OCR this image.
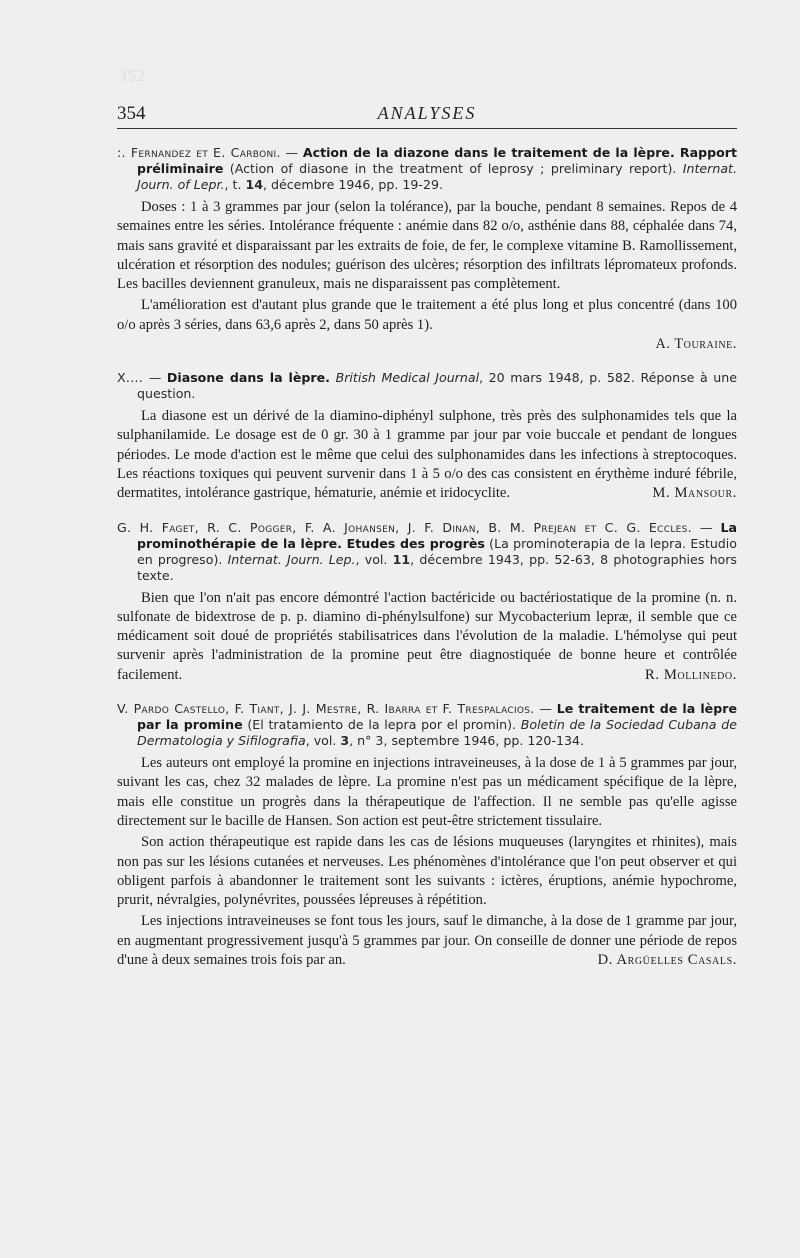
352
354	ANALYSES
:. Fernandez et E. Carboni. — Action de la diazone dans le traitement de la lèpre. Rapport préliminaire (Action of diasone in the treatment of leprosy ; preliminary report). Internat. Journ. of Lepr., t. 14, décembre 1946, pp. 19-29.

Doses : 1 à 3 grammes par jour (selon la tolérance), par la bouche, pendant 8 semaines. Repos de 4 semaines entre les séries. Intolérance fréquente : anémie dans 82 o/o, asthénie dans 88, céphalée dans 74, mais sans gravité et disparaissant par les extraits de foie, de fer, le complexe vitamine B. Ramollissement, ulcération et résorption des nodules; guérison des ulcères; résorption des infiltrats lépromateux profonds. Les bacilles deviennent granuleux, mais ne disparaissent pas complètement.

L'amélioration est d'autant plus grande que le traitement a été plus long et plus concentré (dans 100 o/o après 3 séries, dans 63,6 après 2, dans 50 après 1).

A. Touraine.
X.... — Diasone dans la lèpre. British Medical Journal, 20 mars 1948, p. 582. Réponse à une question.

La diasone est un dérivé de la diamino-diphényl sulphone, très près des sulphonamides tels que la sulphanilamide. Le dosage est de 0 gr. 30 à 1 gramme par jour par voie buccale et pendant de longues périodes. Le mode d'action est le même que celui des sulphonamides dans les infections à streptocoques. Les réactions toxiques qui peuvent survenir dans 1 à 5 o/o des cas consistent en érythème induré fébrile, dermatites, intolérance gastrique, hématurie, anémie et iridocyclite.	M. Mansour.

G. H. Faget, R. C. Pogger, F. A. Johansen, J. F. Dinan, B. M. Prejean et C. G. Eccles. — La prominothérapie de la lèpre. Etudes des progrès (La prominoterapia de la lepra. Estudio en progreso). Internat. Journ. Lep., vol. 11, décembre 1943, pp. 52-63, 8 photographies hors texte.

Bien que l'on n'ait pas encore démontré l'action bactéricide ou bactériostatique de la promine (n. n. sulfonate de bidextrose de p. p. diamino di-phénylsulfone) sur Mycobacterium lepræ, il semble que ce médicament soit doué de propriétés stabilisatrices dans l'évolution de la maladie. L'hémolyse qui peut survenir après l'administration de la promine peut être diagnostiquée de bonne heure et contrôlée facilement.	R. Mollinedo.

V. Pardo Castello, F. Tiant, J. J. Mestre, R. Ibarra et F. Trespalacios. — Le traitement de la lèpre par la promine (El tratamiento de la lepra por el promin). Boletin de la Sociedad Cubana de Dermatologia y Sifilografia, vol. 3, n° 3, septembre 1946, pp. 120-134.

Les auteurs ont employé la promine en injections intraveineuses, à la dose de 1 à 5 grammes par jour, suivant les cas, chez 32 malades de lèpre. La promine n'est pas un médicament spécifique de la lèpre, mais elle constitue un progrès dans la thérapeutique de l'affection. Il ne semble pas qu'elle agisse directement sur le bacille de Hansen. Son action est peut-être strictement tissulaire.

Son action thérapeutique est rapide dans les cas de lésions muqueuses (laryngites et rhinites), mais non pas sur les lésions cutanées et nerveuses. Les phénomènes d'intolérance que l'on peut observer et qui obligent parfois à abandonner le traitement sont les suivants : ictères, éruptions, anémie hypochrome, prurit, névralgies, polynévrites, poussées lépreuses à répétition.

Les injections intraveineuses se font tous les jours, sauf le dimanche, à la dose de 1 gramme par jour, en augmentant progressivement jusqu'à 5 grammes par jour. On conseille de donner une période de repos d'une à deux semaines trois fois par an.	D. Argüelles Casals.
